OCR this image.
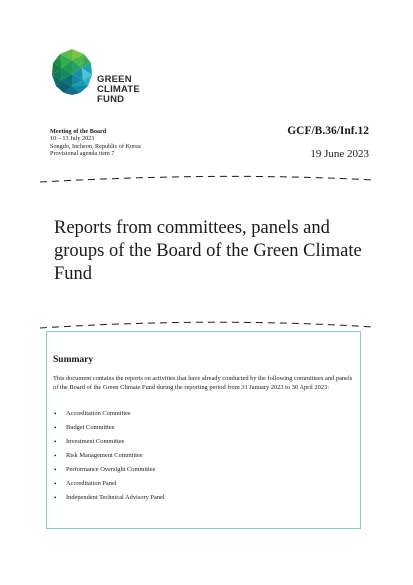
GREEN
CLIMATE
FUND
Meeting of the Board
10 – 13 July 2023
Songdo, Incheon, Republic of Korea
Provisional agenda item 7
GCF/B.36/Inf.12
19 June 2023
Reports from committees, panels and groups of the Board of the Green Climate Fund
Summary
This document contains the reports on activities that have already conducted by the following committees and panels of the Board of the Green Climate Fund during the reporting period from 31 January 2023 to 30 April 2023:
• Accreditation Committee
• Budget Committee
• Investment Committee
• Risk Management Committee
• Performance Oversight Committee
• Accreditation Panel
• Independent Technical Advisory Panel
